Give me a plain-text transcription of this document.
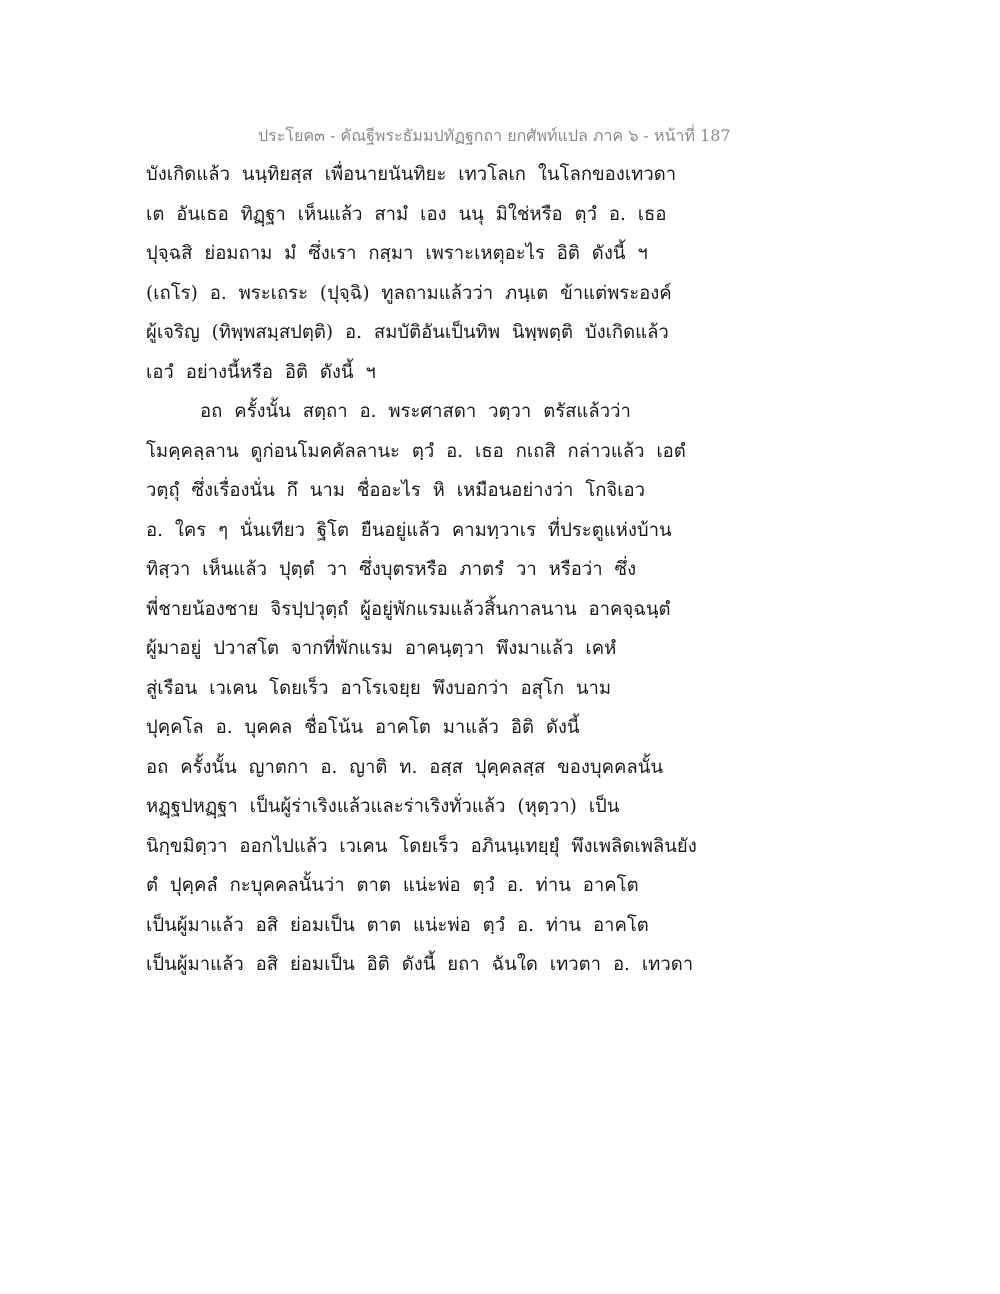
ประโยค๓ - คัณฐีพระธัมมปทัฏฐกถา ยกศัพท์แปล ภาค ๖ - หน้าที่ 187
บังเกิดแล้ว นนฺทิยสฺส เพื่อนายนันทิยะ เทวโลเก ในโลกของเทวดา
เต อันเธอ ทิฏฺฐา เห็นแล้ว สามํ เอง นนุ มิใช่หรือ ตฺวํ อ. เธอ
ปุจฺฉสิ ย่อมถาม มํ ซึ่งเรา กสฺมา เพราะเหตุอะไร อิติ ดังนี้ ฯ
(เถโร) อ. พระเถระ (ปุจฺฉิ) ทูลถามแล้วว่า ภนฺเต ข้าแต่พระองค์
ผู้เจริญ (ทิพฺพสมฺสปตฺติ) อ. สมบัติอันเป็นทิพ นิพฺพตฺติ บังเกิดแล้ว
เอวํ อย่างนี้หรือ อิติ ดังนี้ ฯ
อถ ครั้งนั้น สตฺถา อ. พระศาสดา วตฺวา ตรัสแล้วว่า
โมคฺคลฺลาน ดูก่อนโมคคัลลานะ ตฺวํ อ. เธอ กเถสิ กล่าวแล้ว เอตํ
วตฺถุํ ซึ่งเรื่องนั่น กึ นาม ชื่ออะไร หิ เหมือนอย่างว่า โกจิเอว
อ. ใคร ๆ นั่นเทียว ฐิโต ยืนอยู่แล้ว คามทฺวาเร ที่ประตูแห่งบ้าน
ทิสฺวา เห็นแล้ว ปุตฺตํ วา ซึ่งบุตรหรือ ภาตรํ วา หรือว่า ซึ่ง
พี่ชายน้องชาย จิรปฺปวุตฺถํ ผู้อยู่พักแรมแล้วสิ้นกาลนาน อาคจฺฉนฺตํ
ผู้มาอยู่ ปวาสโต จากที่พักแรม อาคนฺตฺวา พึงมาแล้ว เคหํ
สู่เรือน เวเคน โดยเร็ว อาโรเจยฺย พึงบอกว่า อสุโก นาม
ปุคฺคโล อ. บุคคล ชื่อโน้น อาคโต มาแล้ว อิติ ดังนี้
อถ ครั้งนั้น ญาตกา อ. ญาติ ท. อสฺส ปุคฺคลสฺส ของบุคคลนั้น
หฏฺฐปหฏฺฐา เป็นผู้ร่าเริงแล้วและร่าเริงทั่วแล้ว (หุตฺวา) เป็น
นิกฺขมิตฺวา ออกไปแล้ว เวเคน โดยเร็ว อภินนฺเทยฺยุํ พึงเพลิดเพลินยัง
ตํ ปุคฺคลํ กะบุคคลนั้นว่า ตาต แน่ะพ่อ ตฺวํ อ. ท่าน อาคโต
เป็นผู้มาแล้ว อสิ ย่อมเป็น ตาต แน่ะพ่อ ตฺวํ อ. ท่าน อาคโต
เป็นผู้มาแล้ว อสิ ย่อมเป็น อิติ ดังนี้ ยถา ฉันใด เทวตา อ. เทวดา
